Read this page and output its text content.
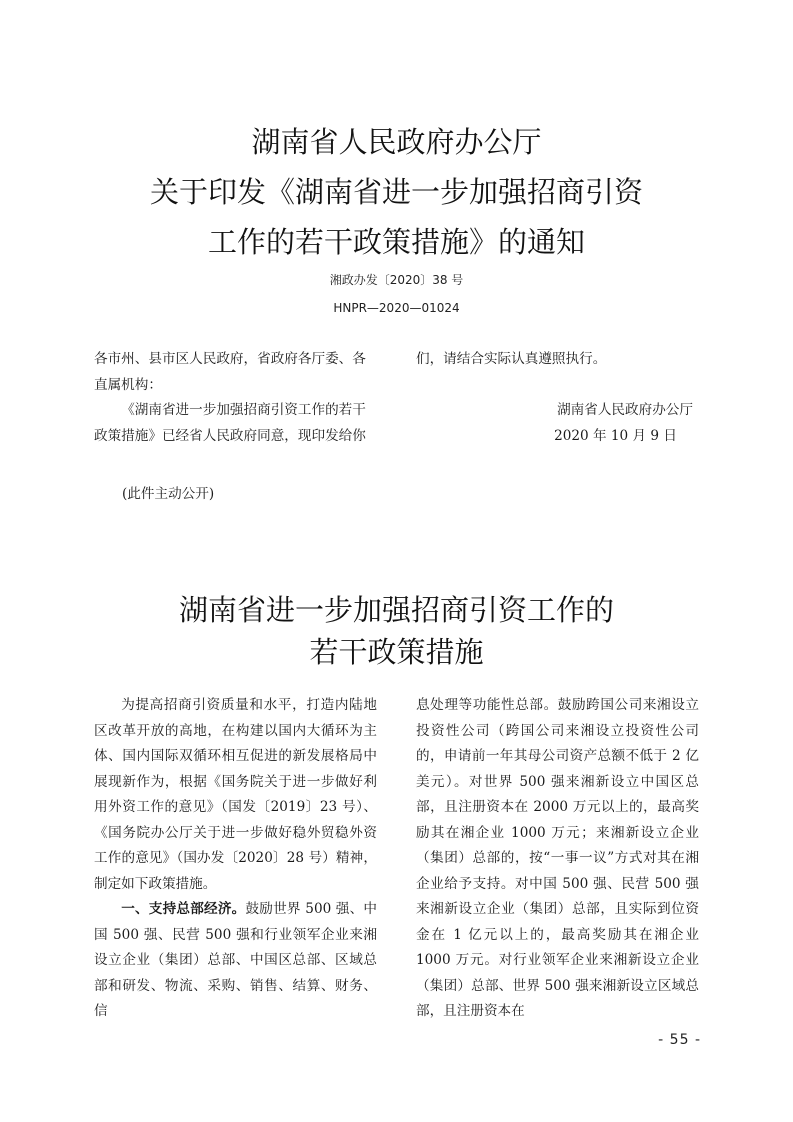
湖南省人民政府办公厅
关于印发《湖南省进一步加强招商引资
工作的若干政策措施》的通知
湘政办发〔2020〕38 号
HNPR—2020—01024

各市州、县市区人民政府，省政府各厅委、各

直属机构：

《湖南省进一步加强招商引资工作的若干

政策措施》已经省人民政府同意，现印发给你

们，请结合实际认真遵照执行。

湖南省人民政府办公厅

2020 年 10 月 9 日

(此件主动公开)
湖南省进一步加强招商引资工作的
若干政策措施

为提高招商引资质量和水平，打造内陆地区改革开放的高地，在构建以国内大循环为主体、国内国际双循环相互促进的新发展格局中展现新作为，根据《国务院关于进一步做好利用外资工作的意见》（国发〔2019〕23 号）、《国务院办公厅关于进一步做好稳外贸稳外资工作的意见》（国办发〔2020〕28 号）精神，制定如下政策措施。

一、支持总部经济。鼓励世界 500 强、中国 500 强、民营 500 强和行业领军企业来湘设立企业（集团）总部、中国区总部、区域总部和研发、物流、采购、销售、结算、财务、信

息处理等功能性总部。鼓励跨国公司来湘设立投资性公司（跨国公司来湘设立投资性公司的，申请前一年其母公司资产总额不低于 2 亿美元）。对世界 500 强来湘新设立中国区总部，且注册资本在 2000 万元以上的，最高奖励其在湘企业 1000 万元；来湘新设立企业（集团）总部的，按“一事一议”方式对其在湘企业给予支持。对中国 500 强、民营 500 强来湘新设立企业（集团）总部，且实际到位资金在 1 亿元以上的，最高奖励其在湘企业 1000 万元。对行业领军企业来湘新设立企业（集团）总部、世界 500 强来湘新设立区域总部，且注册资本在

- 55 -
